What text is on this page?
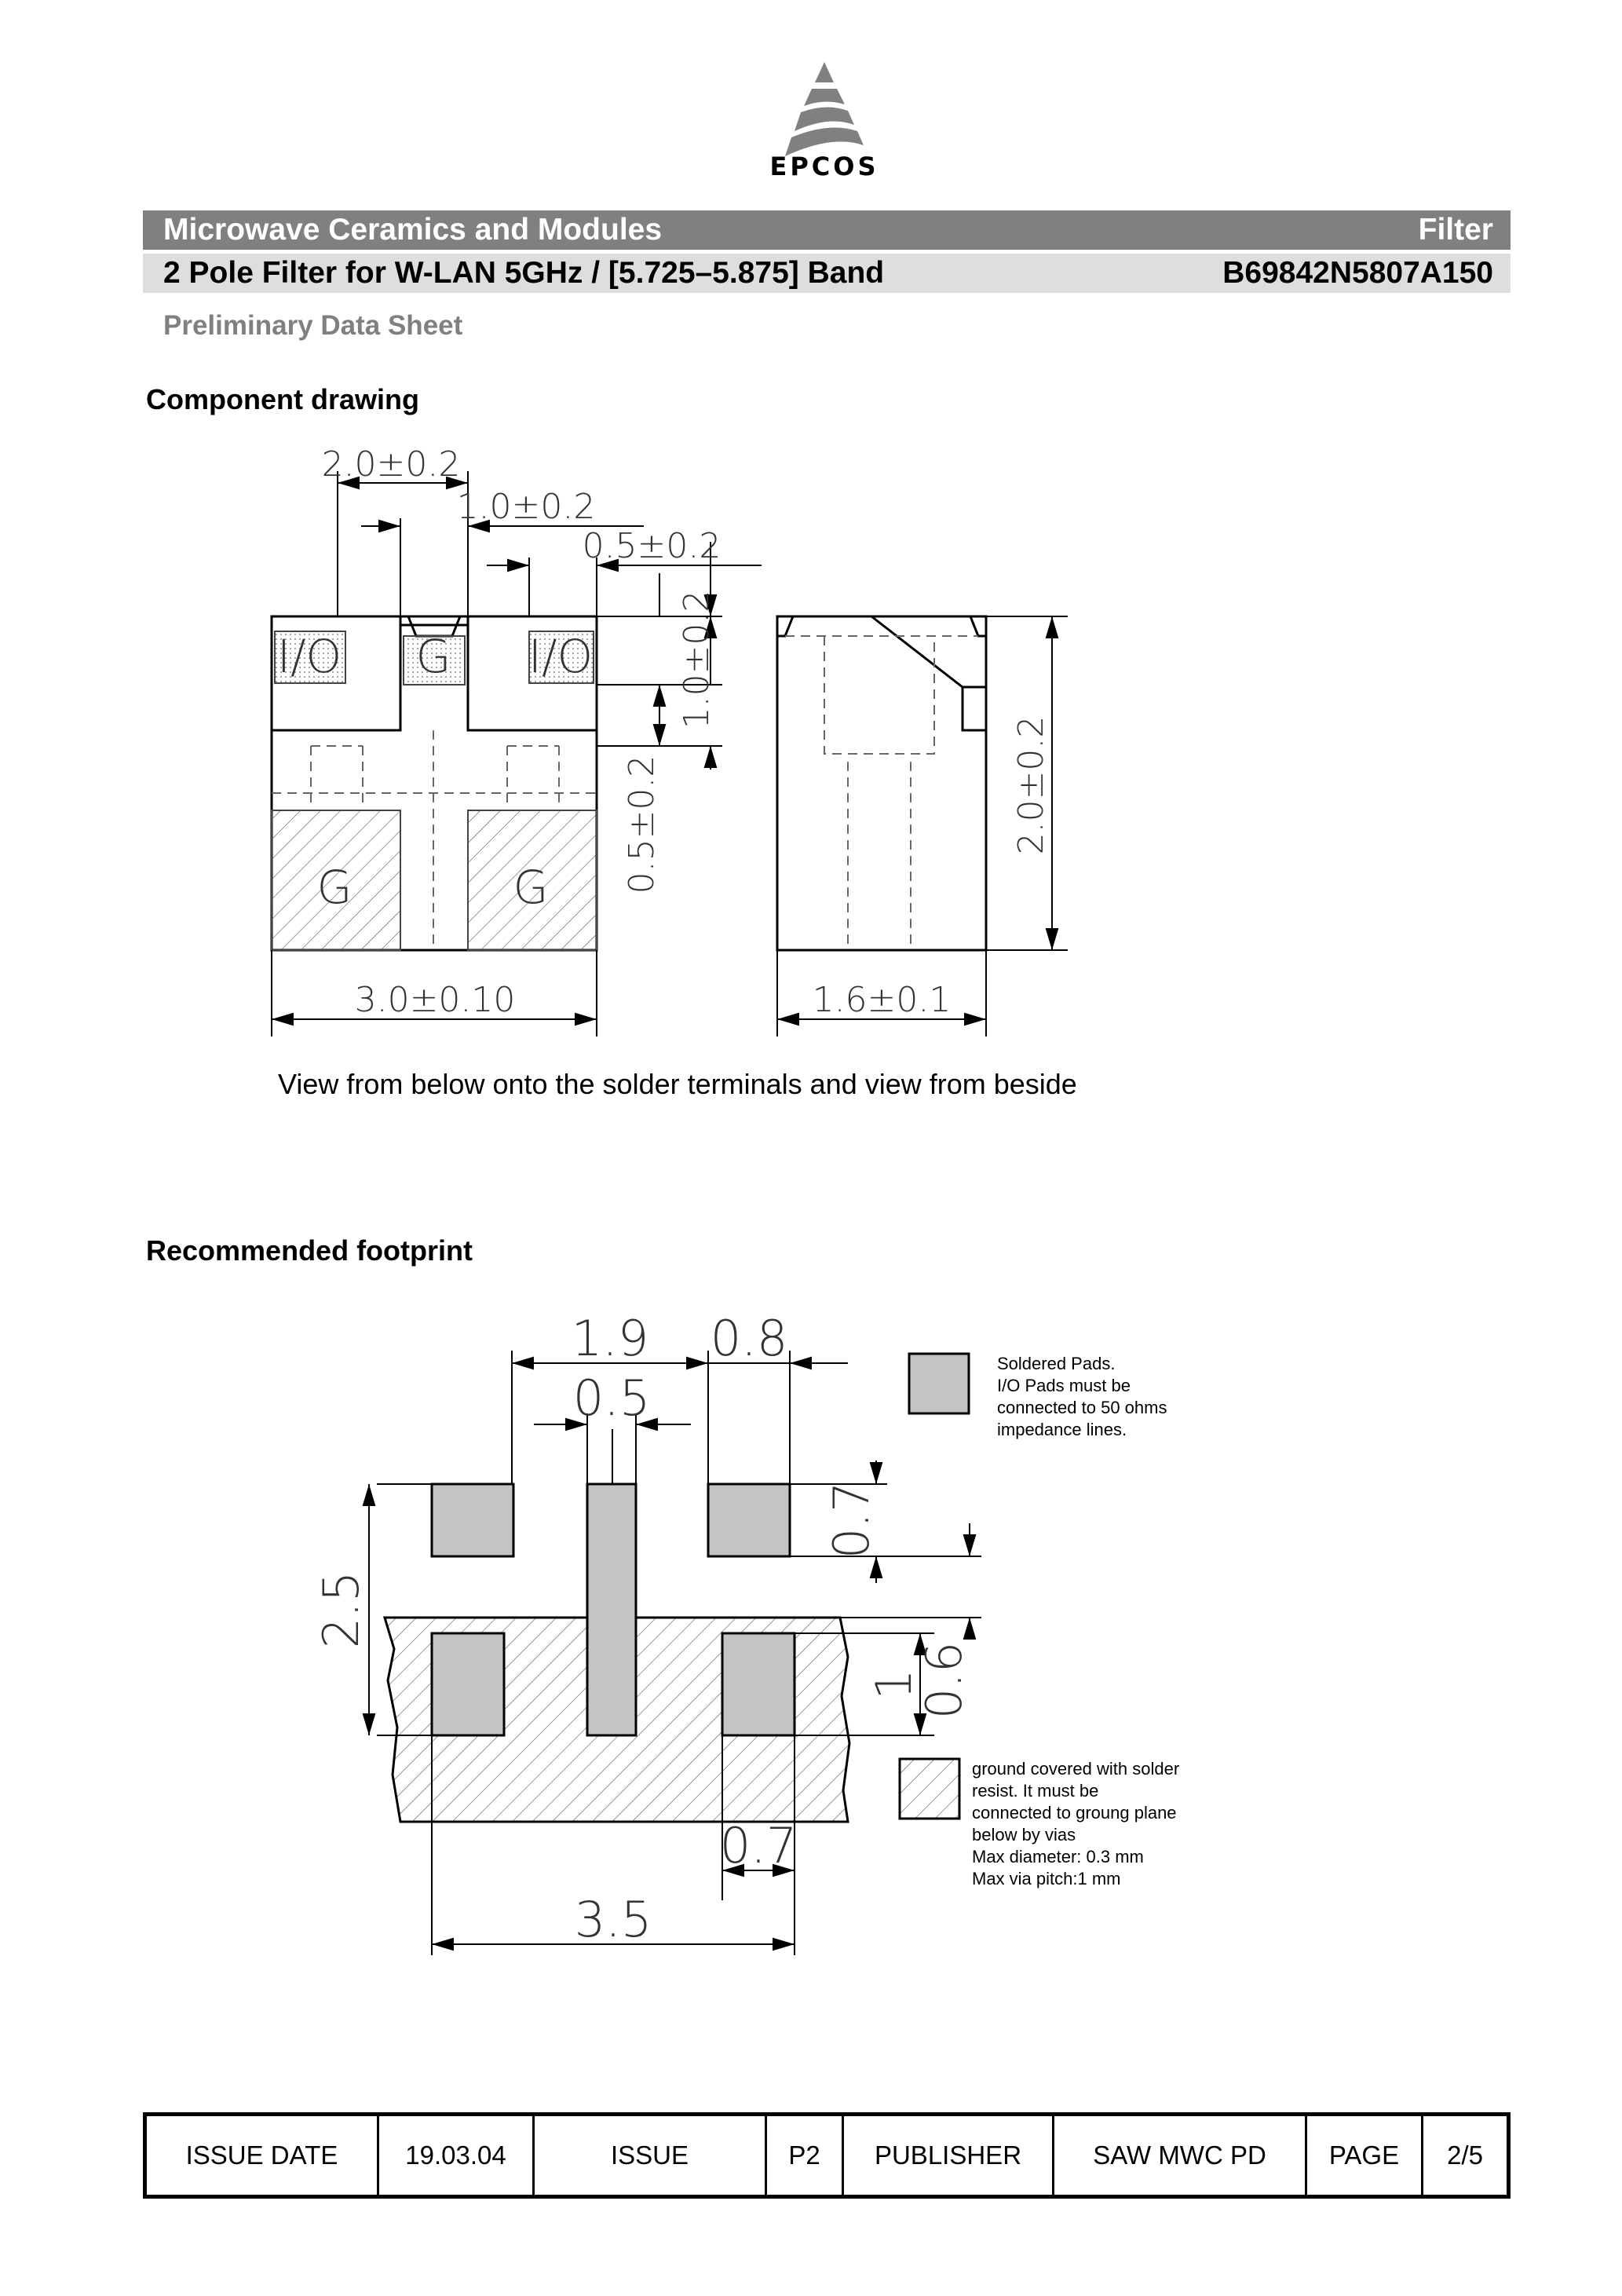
EPCOS
Microwave Ceramics and Modules	Filter
2 Pole Filter for W-LAN 5GHz / [5.725–5.875] Band	B69842N5807A150
Preliminary Data Sheet
Component drawing
I/O G I/O
G	G
2.0±0.2
1.0±0.2
0.5±0.2
1.0±0.2
0.5±0.2
3.0±0.10
2.0±0.2
1.6±0.1
View from below onto the solder terminals and view from beside
Recommended footprint
1.9 0.8
0.5
0.7
2.5
1
0.6
0.7
3.5
Soldered Pads. I/O Pads must be connected to 50 ohms impedance lines.
ground covered with solder resist. It must be connected to groung plane below by vias Max diameter: 0.3 mm Max via pitch:1 mm
ISSUE DATE	19.03.04	ISSUE	P2	PUBLISHER	SAW MWC PD	PAGE	2/5
